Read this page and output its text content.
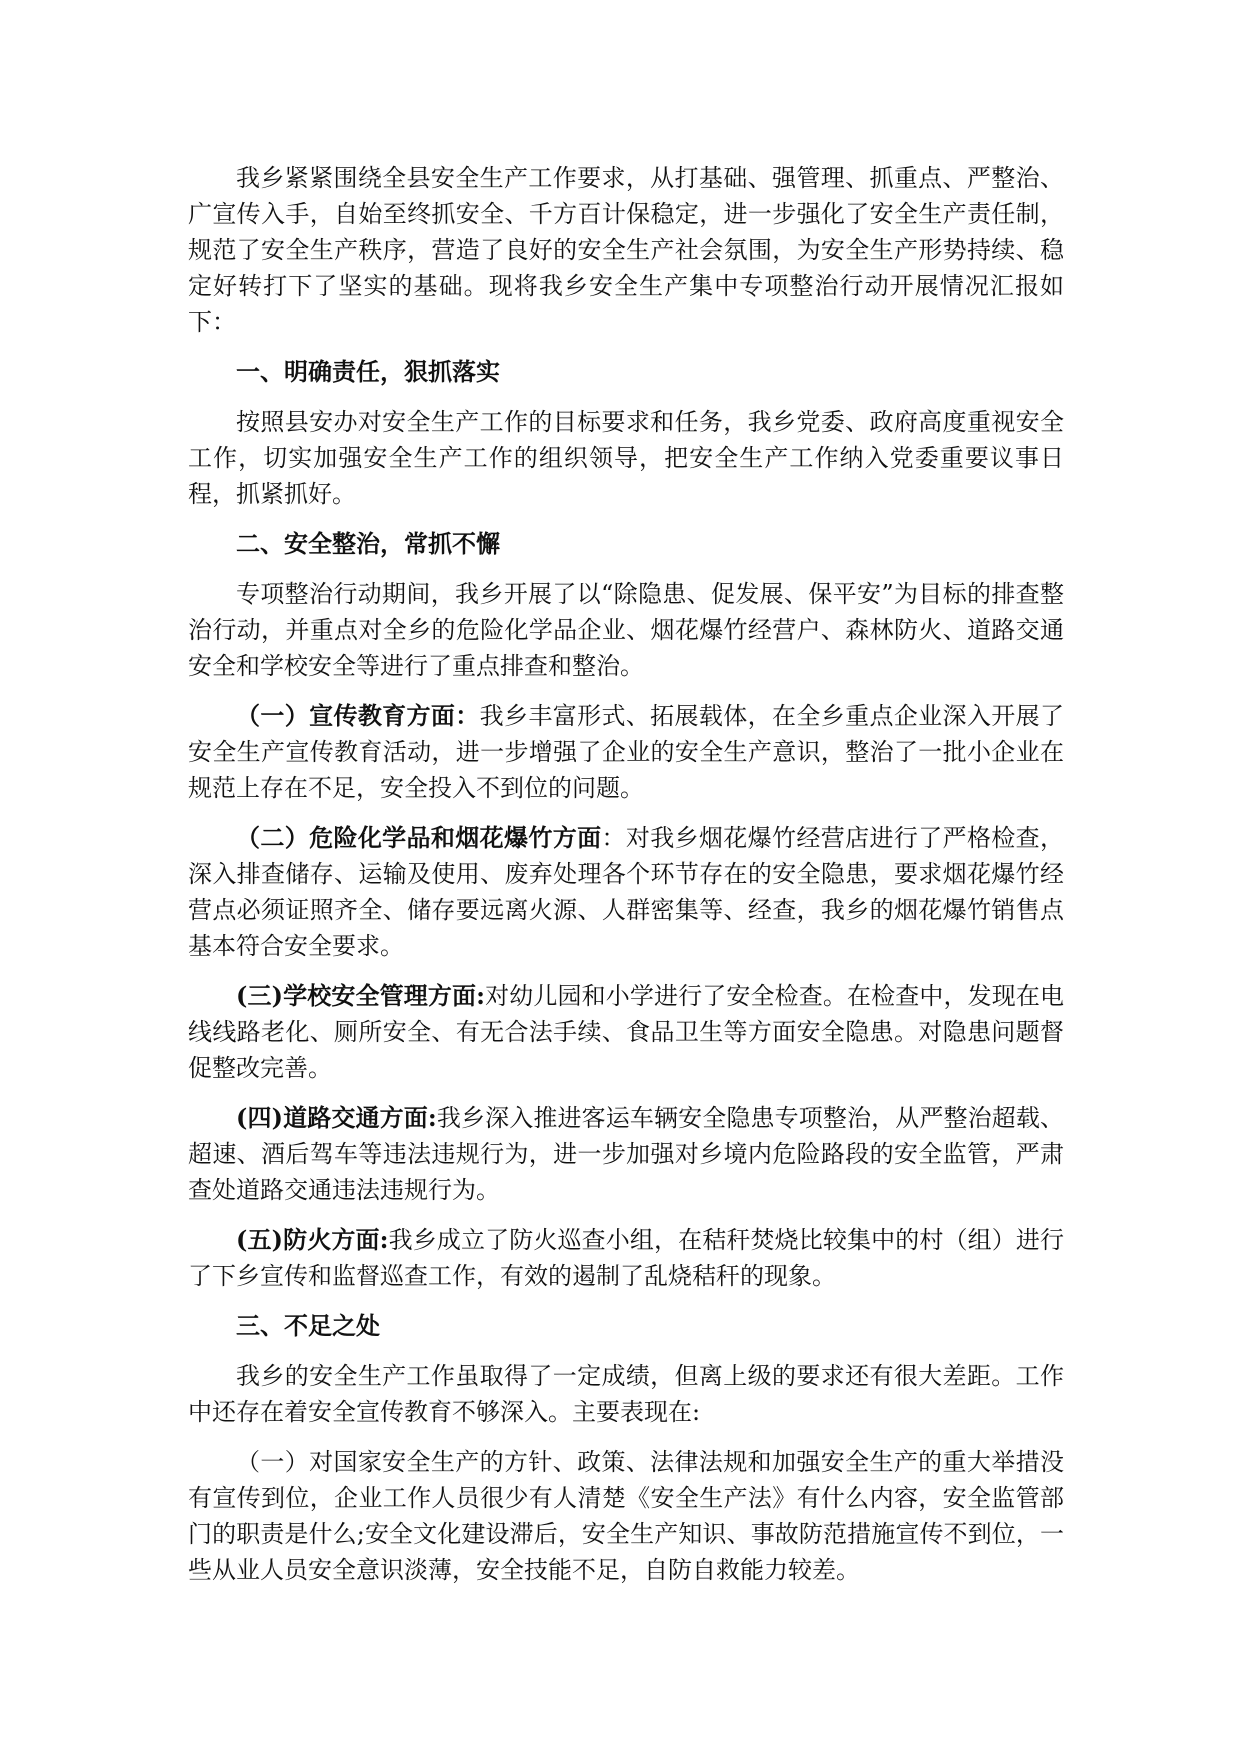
我乡紧紧围绕全县安全生产工作要求，从打基础、强管理、抓重点、严整治、广宣传入手，自始至终抓安全、千方百计保稳定，进一步强化了安全生产责任制，规范了安全生产秩序，营造了良好的安全生产社会氛围，为安全生产形势持续、稳定好转打下了坚实的基础。现将我乡安全生产集中专项整治行动开展情况汇报如下：

一、明确责任，狠抓落实

按照县安办对安全生产工作的目标要求和任务，我乡党委、政府高度重视安全工作，切实加强安全生产工作的组织领导，把安全生产工作纳入党委重要议事日程，抓紧抓好。

二、安全整治，常抓不懈

专项整治行动期间，我乡开展了以“除隐患、促发展、保平安”为目标的排查整治行动，并重点对全乡的危险化学品企业、烟花爆竹经营户、森林防火、道路交通安全和学校安全等进行了重点排查和整治。

（一）宣传教育方面：我乡丰富形式、拓展载体，在全乡重点企业深入开展了安全生产宣传教育活动，进一步增强了企业的安全生产意识，整治了一批小企业在规范上存在不足，安全投入不到位的问题。

（二）危险化学品和烟花爆竹方面：对我乡烟花爆竹经营店进行了严格检查，深入排查储存、运输及使用、废弃处理各个环节存在的安全隐患，要求烟花爆竹经营点必须证照齐全、储存要远离火源、人群密集等、经查，我乡的烟花爆竹销售点基本符合安全要求。

(三)学校安全管理方面:对幼儿园和小学进行了安全检查。在检查中，发现在电线线路老化、厕所安全、有无合法手续、食品卫生等方面安全隐患。对隐患问题督促整改完善。

(四)道路交通方面:我乡深入推进客运车辆安全隐患专项整治，从严整治超载、超速、酒后驾车等违法违规行为，进一步加强对乡境内危险路段的安全监管，严肃查处道路交通违法违规行为。

(五)防火方面:我乡成立了防火巡查小组，在秸秆焚烧比较集中的村（组）进行了下乡宣传和监督巡查工作，有效的遏制了乱烧秸秆的现象。

三、不足之处

我乡的安全生产工作虽取得了一定成绩，但离上级的要求还有很大差距。工作中还存在着安全宣传教育不够深入。主要表现在:

（一）对国家安全生产的方针、政策、法律法规和加强安全生产的重大举措没有宣传到位，企业工作人员很少有人清楚《安全生产法》有什么内容，安全监管部门的职责是什么;安全文化建设滞后，安全生产知识、事故防范措施宣传不到位，一些从业人员安全意识淡薄，安全技能不足，自防自救能力较差。
